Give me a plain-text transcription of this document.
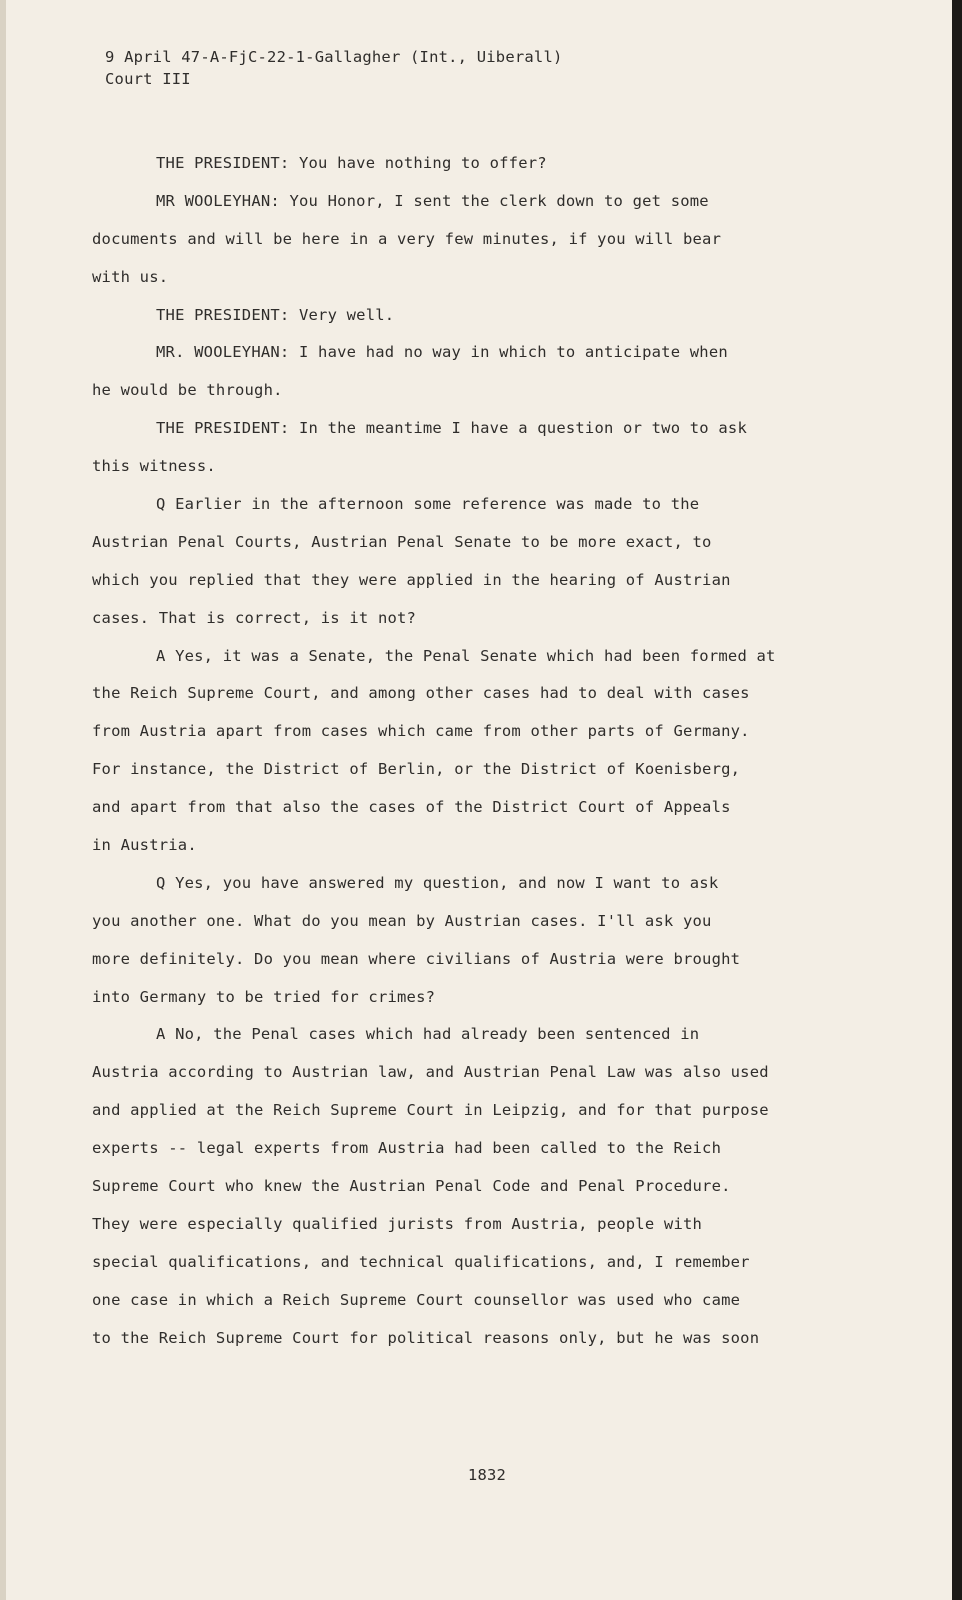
9 April 47-A-FjC-22-1-Gallagher (Int., Uiberall)
Court III
THE PRESIDENT: You have nothing to offer?
MR WOOLEYHAN: You Honor, I sent the clerk down to get some
documents and will be here in a very few minutes, if you will bear
with us.
THE PRESIDENT: Very well.
MR. WOOLEYHAN: I have had no way in which to anticipate when
he would be through.
THE PRESIDENT: In the meantime I have a question or two to ask
this witness.
Q Earlier in the afternoon some reference was made to the
Austrian Penal Courts, Austrian Penal Senate to be more exact, to
which you replied that they were applied in the hearing of Austrian
cases. That is correct, is it not?
A Yes, it was a Senate, the Penal Senate which had been formed at
the Reich Supreme Court, and among other cases had to deal with cases
from Austria apart from cases which came from other parts of Germany.
For instance, the District of Berlin, or the District of Koenisberg,
and apart from that also the cases of the District Court of Appeals
in Austria.
Q Yes, you have answered my question, and now I want to ask
you another one. What do you mean by Austrian cases. I'll ask you
more definitely. Do you mean where civilians of Austria were brought
into Germany to be tried for crimes?
A No, the Penal cases which had already been sentenced in
Austria according to Austrian law, and Austrian Penal Law was also used
and applied at the Reich Supreme Court in Leipzig, and for that purpose
experts -- legal experts from Austria had been called to the Reich
Supreme Court who knew the Austrian Penal Code and Penal Procedure.
They were especially qualified jurists from Austria, people with
special qualifications, and technical qualifications, and, I remember
one case in which a Reich Supreme Court counsellor was used who came
to the Reich Supreme Court for political reasons only, but he was soon
1832
